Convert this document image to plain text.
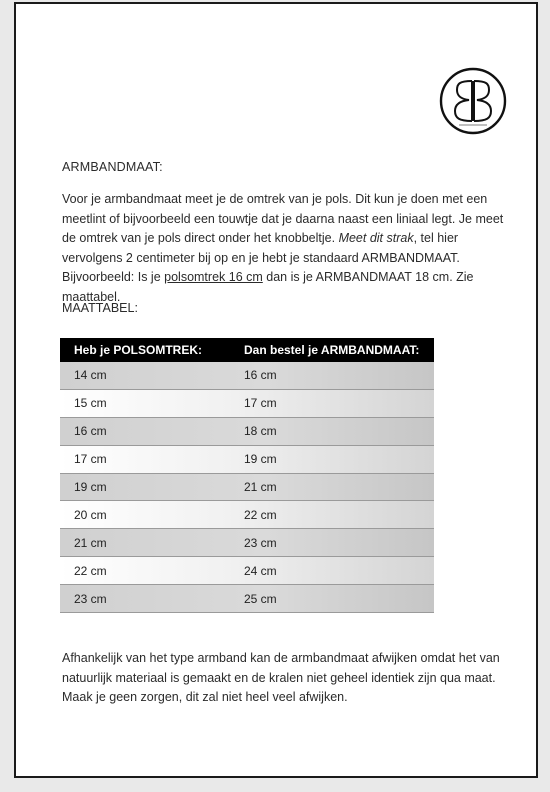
ARMBANDMAAT:
Voor je armbandmaat meet je de omtrek van je pols. Dit kun je doen met een meetlint of bijvoorbeeld een touwtje dat je daarna naast een liniaal legt. Je meet de omtrek van je pols direct onder het knobbeltje. Meet dit strak, tel hier vervolgens 2 centimeter bij op en je hebt je standaard ARMBANDMAAT. Bijvoorbeeld: Is je polsomtrek 16 cm dan is je ARMBANDMAAT 18 cm. Zie maattabel.
MAATTABEL:
Heb je POLSOMTREK:	Dan bestel je ARMBANDMAAT:
14 cm	16 cm
15 cm	17 cm
16 cm	18 cm
17 cm	19 cm
19 cm	21 cm
20 cm	22 cm
21 cm	23 cm
22 cm	24 cm
23 cm	25 cm
Afhankelijk van het type armband kan de armbandmaat afwijken omdat het van natuurlijk materiaal is gemaakt en de kralen niet geheel identiek zijn qua maat. Maak je geen zorgen, dit zal niet heel veel afwijken.
